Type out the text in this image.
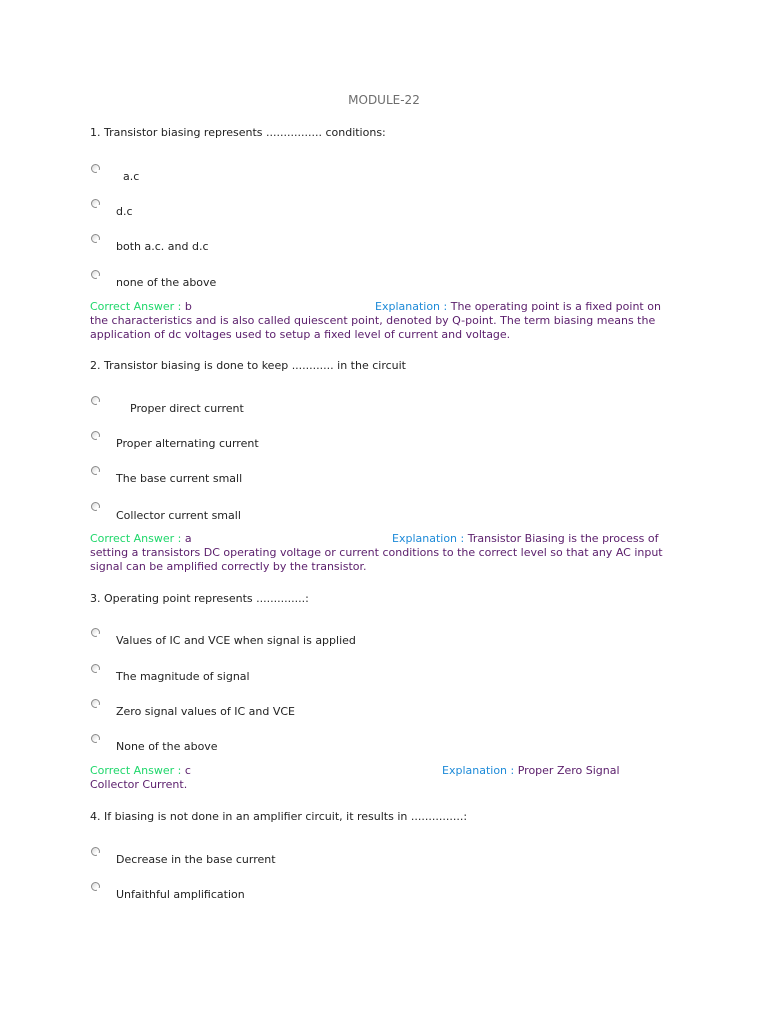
MODULE-22
1. Transistor biasing represents ................ conditions:
a.c
d.c
both a.c. and d.c
none of the above
Correct Answer : b	Explanation : The operating point is a fixed point on the characteristics and is also called quiescent point, denoted by Q-point. The term biasing means the application of dc voltages used to setup a fixed level of current and voltage.
2. Transistor biasing is done to keep ............ in the circuit
Proper direct current
Proper alternating current
The base current small
Collector current small
Correct Answer : a	Explanation : Transistor Biasing is the process of setting a transistors DC operating voltage or current conditions to the correct level so that any AC input signal can be amplified correctly by the transistor.
3. Operating point represents ..............:
Values of IC and VCE when signal is applied
The magnitude of signal
Zero signal values of IC and VCE
None of the above
Correct Answer : c	Explanation : Proper Zero Signal Collector Current.
4. If biasing is not done in an amplifier circuit, it results in ...............:
Decrease in the base current
Unfaithful amplification
